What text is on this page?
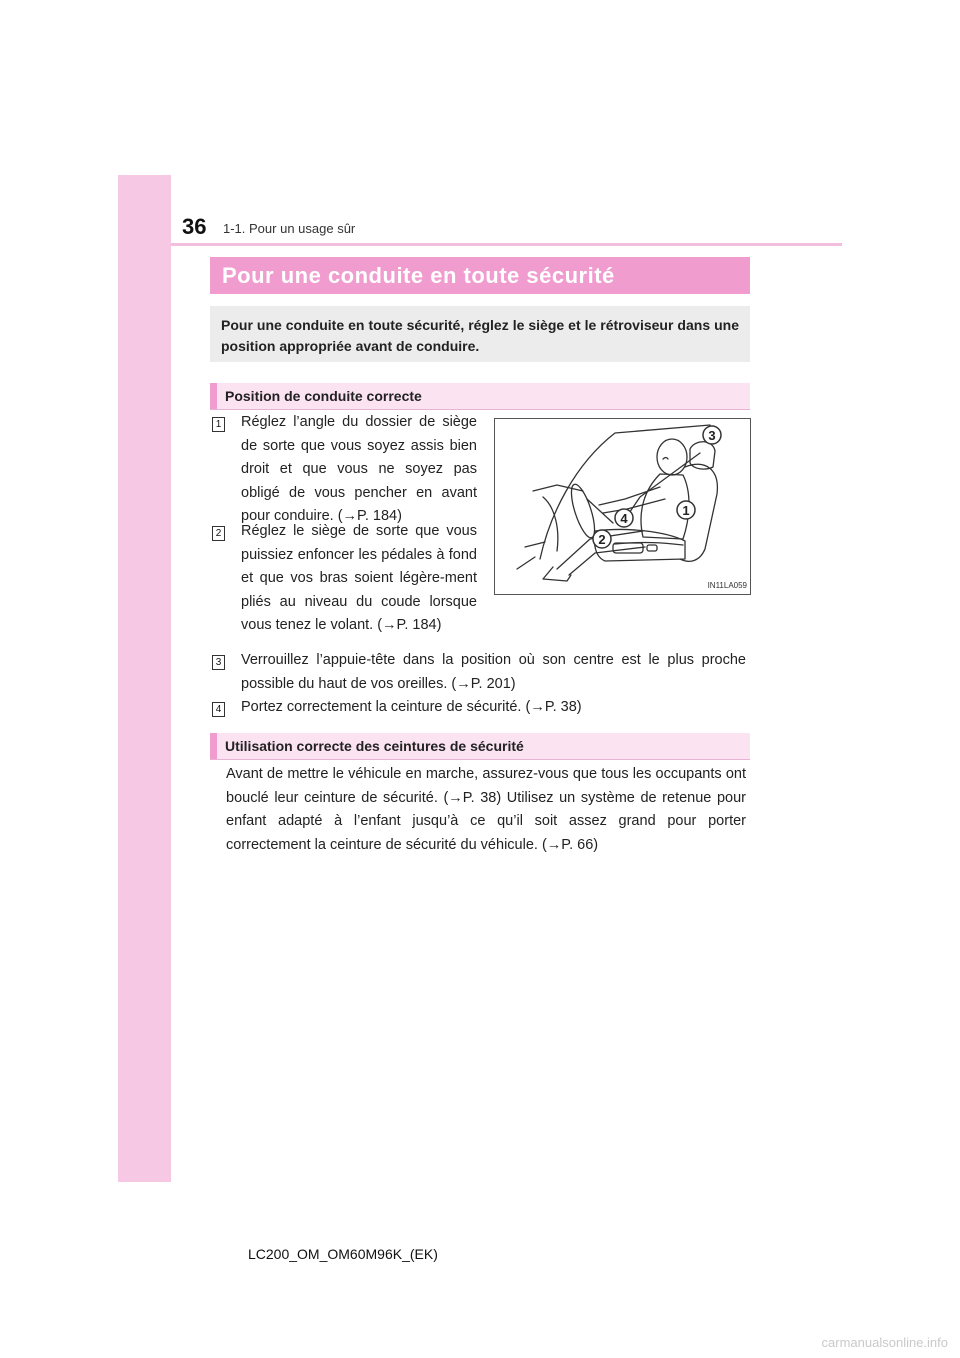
36 1-1. Pour un usage sûr
Pour une conduite en toute sécurité
Pour une conduite en toute sécurité, réglez le siège et le rétroviseur dans une position appropriée avant de conduire.
Position de conduite correcte
1 Réglez l’angle du dossier de siège de sorte que vous soyez assis bien droit et que vous ne soyez pas obligé de vous pencher en avant pour conduire. (→P. 184)
2 Réglez le siège de sorte que vous puissiez enfoncer les pédales à fond et que vos bras soient légère-ment pliés au niveau du coude lorsque vous tenez le volant. (→P. 184)
3
1
4
2
IN11LA059
3 Verrouillez l’appuie-tête dans la position où son centre est le plus proche possible du haut de vos oreilles. (→P. 201)
4 Portez correctement la ceinture de sécurité. (→P. 38)
Utilisation correcte des ceintures de sécurité
Avant de mettre le véhicule en marche, assurez-vous que tous les occupants ont bouclé leur ceinture de sécurité. (→P. 38) Utilisez un système de retenue pour enfant adapté à l’enfant jusqu’à ce qu’il soit assez grand pour porter correctement la ceinture de sécurité du véhicule. (→P. 66)
LC200_OM_OM60M96K_(EK)
carmanualsonline.info
